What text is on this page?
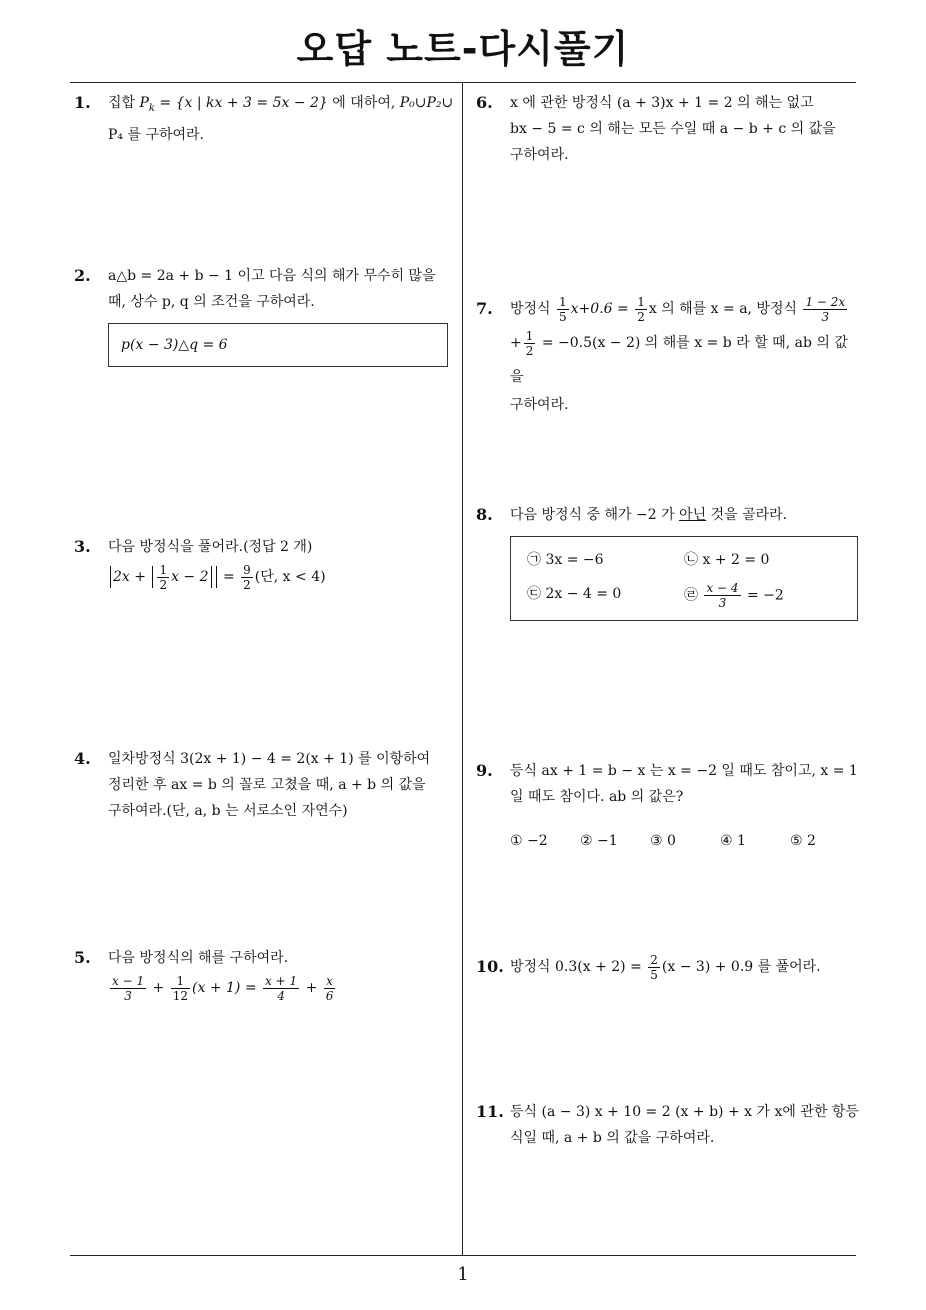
오답 노트-다시풀기
1. 집합 $P_k = \{x$ | kx + 3 = 5x − 2} 에 대하여, P₀∪P₂∪
P₄ 를 구하여라.
2. a△b = 2a + b − 1 이고 다음 식의 해가 무수히 많을
때, 상수 p, q 의 조건을 구하여라.
p(x − 3)△q = 6
3. 다음 방정식을 풀어라.(정답 2 개)
$2x + \frac{1}{2}$ $x - 2 = \frac{9}{2}$ (단, x < 4)
4. 일차방정식 3(2x + 1) − 4 = 2(x + 1) 를 이항하여
정리한 후 ax = b 의 꼴로 고쳤을 때, a + b 의 값을
구하여라.(단, a, b 는 서로소인 자연수)
5. 다음 방정식의 해를 구하여라.
$\frac{x - 1}{3} + \frac{1}{12} (x + 1) = \frac{x + 1}{4} + \frac{x}{6}$
6. x 에 관한 방정식 (a + 3)x + 1 = 2 의 해는 없고
bx − 5 = c 의 해는 모든 수일 때 a − b + c 의 값을
구하여라.
7. 방정식 $\frac{1}{5} x+0.6 = \frac{1}{2}$ x 의 해를 x = a, 방정식 $\frac{1 - 2x}{3}$
+ $\frac{1}{2} = -0.5(x - 2)$ 의 해를 x = b 라 할 때, ab 의 값을
구하여라.
8. 다음 방정식 중 해가 −2 가 아닌 것을 골라라.
㉠ 3x = −6	㉡ x + 2 = 0
㉢ 2x − 4 = 0	㉣ $\frac{x - 4}{3} = -2$
9. 등식 ax + 1 = b − x 는 x = −2 일 때도 참이고, x = 1
일 때도 참이다. ab 의 값은?
① −2	② −1	③ 0	④ 1	⑤ 2
10. 방정식 $0.3(x + 2) = \frac{2}{5} (x - 3) + 0.9$ 를 풀어라.
11. 등식 (a − 3) x + 10 = 2 (x + b) + x 가 x에 관한 항등
식일 때, a + b 의 값을 구하여라.
1
